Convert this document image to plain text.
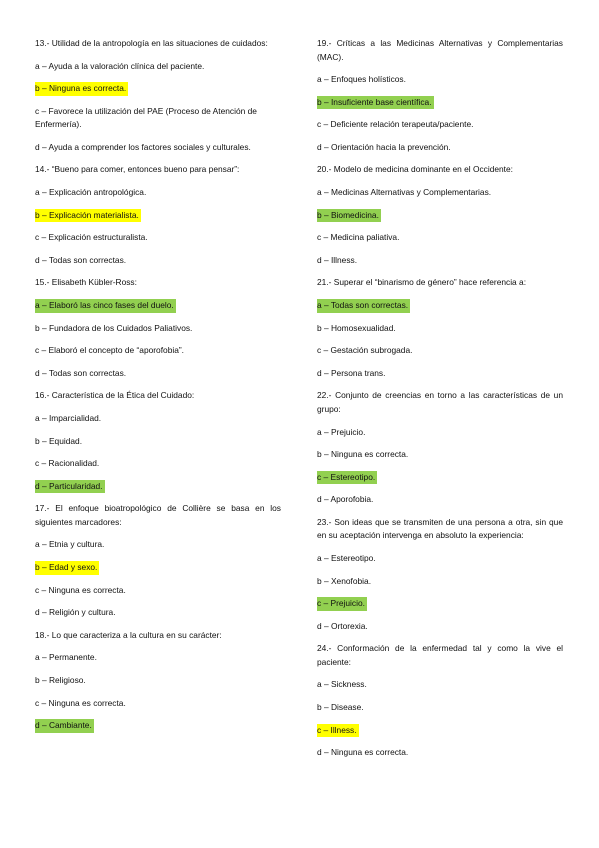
13.- Utilidad de la antropología en las situaciones de cuidados:
a – Ayuda a la valoración clínica del paciente.
b – Ninguna es correcta.
c – Favorece la utilización del PAE (Proceso de Atención de Enfermería).
d – Ayuda a comprender los factores sociales y culturales.
14.- “Bueno para comer, entonces bueno para pensar”:
a – Explicación antropológica.
b – Explicación materialista.
c – Explicación estructuralista.
d – Todas son correctas.
15.- Elisabeth Kübler-Ross:
a – Elaboró las cinco fases del duelo.
b – Fundadora de los Cuidados Paliativos.
c – Elaboró el concepto de “aporofobia”.
d – Todas son correctas.
16.- Característica de la Ética del Cuidado:
a – Imparcialidad.
b – Equidad.
c – Racionalidad.
d – Particularidad.
17.- El enfoque bioatropológico de Collière se basa en los siguientes marcadores:
a – Etnia y cultura.
b – Edad y sexo.
c – Ninguna es correcta.
d – Religión y cultura.
18.- Lo que caracteriza a la cultura en su carácter:
a – Permanente.
b – Religioso.
c – Ninguna es correcta.
d – Cambiante.
19.- Críticas a las Medicinas Alternativas y Complementarias (MAC).
a – Enfoques holísticos.
b – Insuficiente base científica.
c – Deficiente relación terapeuta/paciente.
d – Orientación hacia la prevención.
20.- Modelo de medicina dominante en el Occidente:
a – Medicinas Alternativas y Complementarias.
b – Biomedicina.
c – Medicina paliativa.
d – Illness.
21.- Superar el “binarismo de género” hace referencia a:
a – Todas son correctas.
b – Homosexualidad.
c – Gestación subrogada.
d – Persona trans.
22.- Conjunto de creencias en torno a las características de un grupo:
a – Prejuicio.
b – Ninguna es correcta.
c – Estereotipo.
d – Aporofobia.
23.- Son ideas que se transmiten de una persona a otra, sin que en su aceptación intervenga en absoluto la experiencia:
a – Estereotipo.
b – Xenofobia.
c – Prejuicio.
d – Ortorexia.
24.- Conformación de la enfermedad tal y como la vive el paciente:
a – Sickness.
b – Disease.
c – Illness.
d – Ninguna es correcta.
